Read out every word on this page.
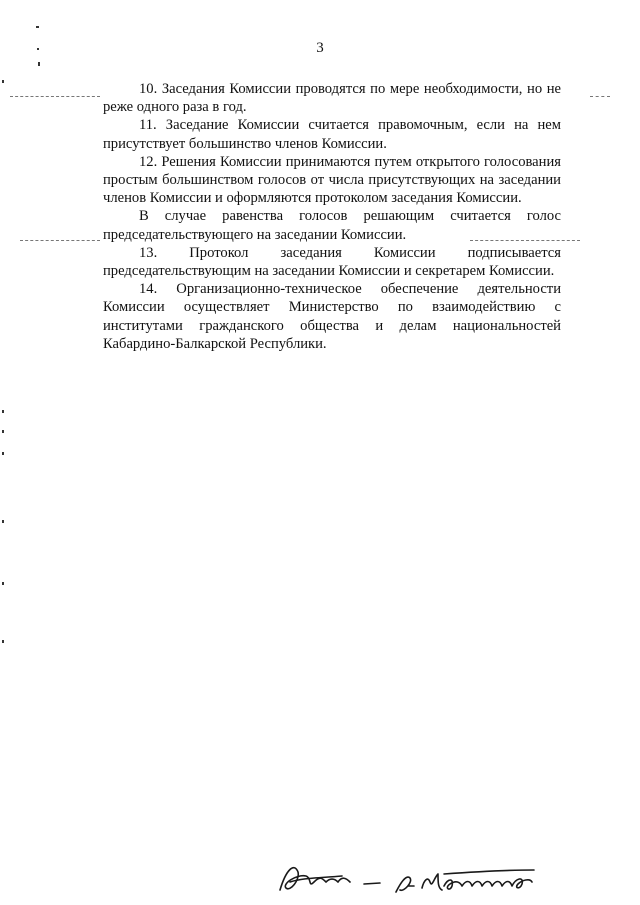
3

10. Заседания Комиссии проводятся по мере необходимости, но не реже одного раза в год.

11. Заседание Комиссии считается правомочным, если на нем присутствует большинство членов Комиссии.

12. Решения Комиссии принимаются путем открытого голосования простым большинством голосов от числа присутствующих на заседании членов Комиссии и оформляются протоколом заседания Комиссии.

В случае равенства голосов решающим считается голос председательствующего на заседании Комиссии.

13. Протокол заседания Комиссии подписывается председательствующим на заседании Комиссии и секретарем Комиссии.

14. Организационно-техническое обеспечение деятельности Комиссии осуществляет Министерство по взаимодействию с институтами гражданского общества и делам национальностей Кабардино-Балкарской Республики.
